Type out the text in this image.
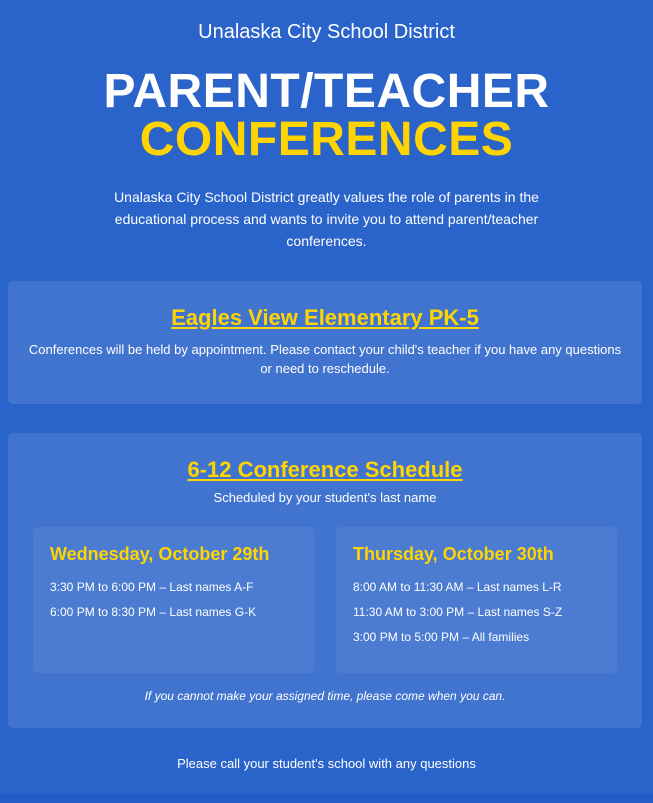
Unalaska City School District
PARENT/TEACHER
CONFERENCES
Unalaska City School District greatly values the role of parents in the educational process and wants to invite you to attend parent/teacher conferences.
Eagles View Elementary PK-5
Conferences will be held by appointment. Please contact your child's teacher if you have any questions or need to reschedule.
6-12 Conference Schedule
Scheduled by your student's last name
Wednesday, October 29th
3:30 PM to 6:00 PM – Last names A-F
6:00 PM to 8:30 PM – Last names G-K
Thursday, October 30th
8:00 AM to 11:30 AM – Last names L-R
11:30 AM to 3:00 PM – Last names S-Z
3:00 PM to 5:00 PM – All families
If you cannot make your assigned time, please come when you can.
Please call your student's school with any questions
